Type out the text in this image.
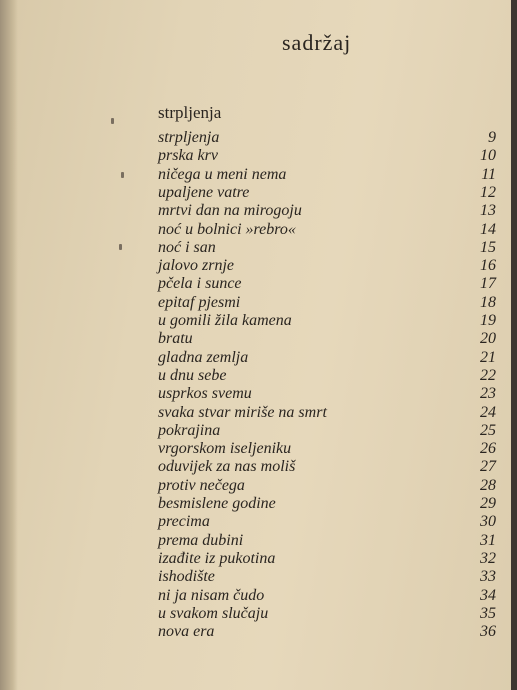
sadržaj
strpljenja
strpljenja	9
prska krv	10
ničega u meni nema	11
upaljene vatre	12
mrtvi dan na mirogoju	13
noć u bolnici »rebro«	14
noć i san	15
jalovo zrnje	16
pčela i sunce	17
epitaf pjesmi	18
u gomili žila kamena	19
bratu	20
gladna zemlja	21
u dnu sebe	22
usprkos svemu	23
svaka stvar miriše na smrt	24
pokrajina	25
vrgorskom iseljeniku	26
oduvijek za nas moliš	27
protiv nečega	28
besmislene godine	29
precima	30
prema dubini	31
izađite iz pukotina	32
ishodište	33
ni ja nisam čudo	34
u svakom slučaju	35
nova era	36
